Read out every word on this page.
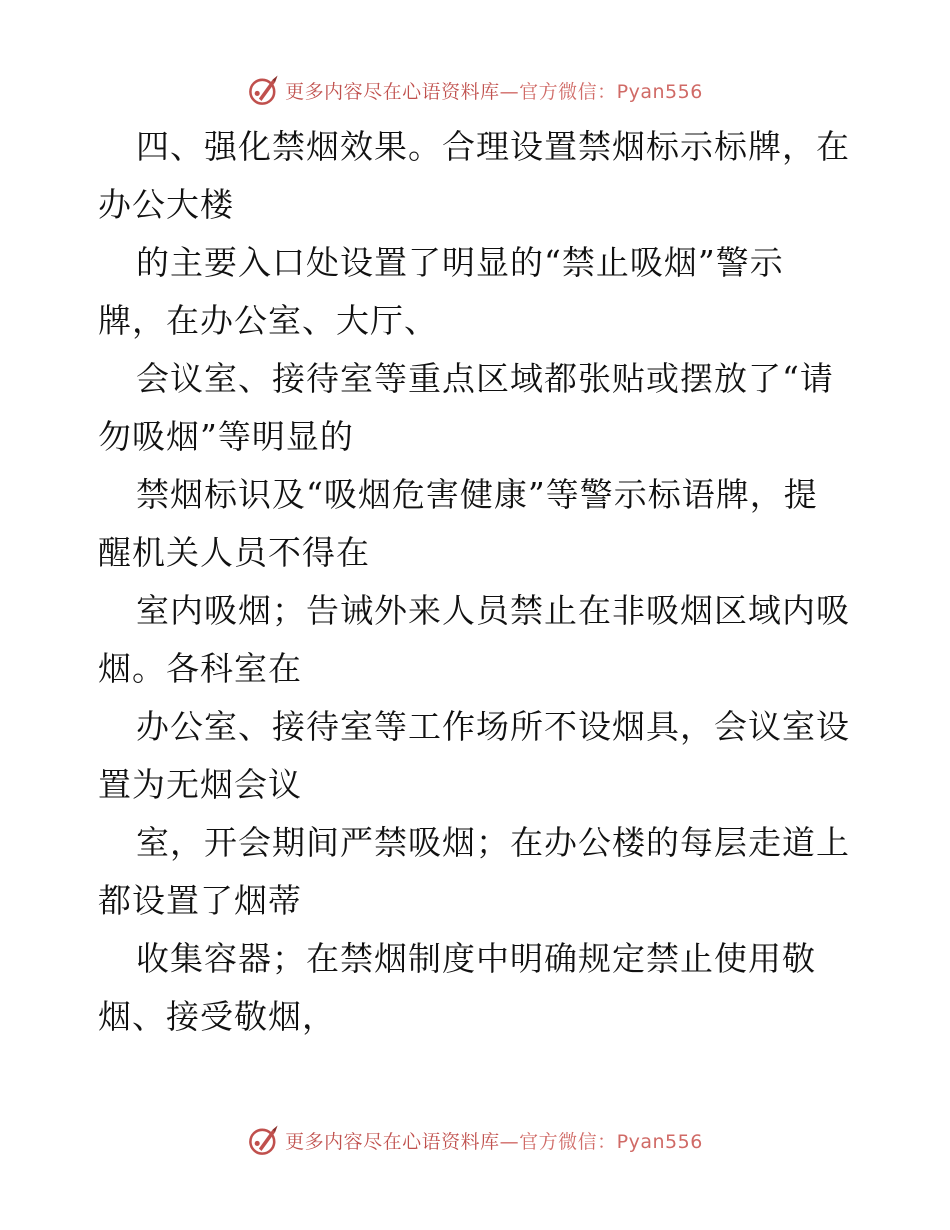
更多内容尽在心语资料库—官方微信：Pyan556
四、强化禁烟效果。合理设置禁烟标示标牌，在
办公大楼
的主要入口处设置了明显的“禁止吸烟”警示
牌，在办公室、大厅、
会议室、接待室等重点区域都张贴或摆放了“请
勿吸烟”等明显的
禁烟标识及“吸烟危害健康”等警示标语牌，提
醒机关人员不得在
室内吸烟；告诫外来人员禁止在非吸烟区域内吸
烟。各科室在
办公室、接待室等工作场所不设烟具，会议室设
置为无烟会议
室，开会期间严禁吸烟；在办公楼的每层走道上
都设置了烟蒂
收集容器；在禁烟制度中明确规定禁止使用敬
烟、接受敬烟，
更多内容尽在心语资料库—官方微信：Pyan556
